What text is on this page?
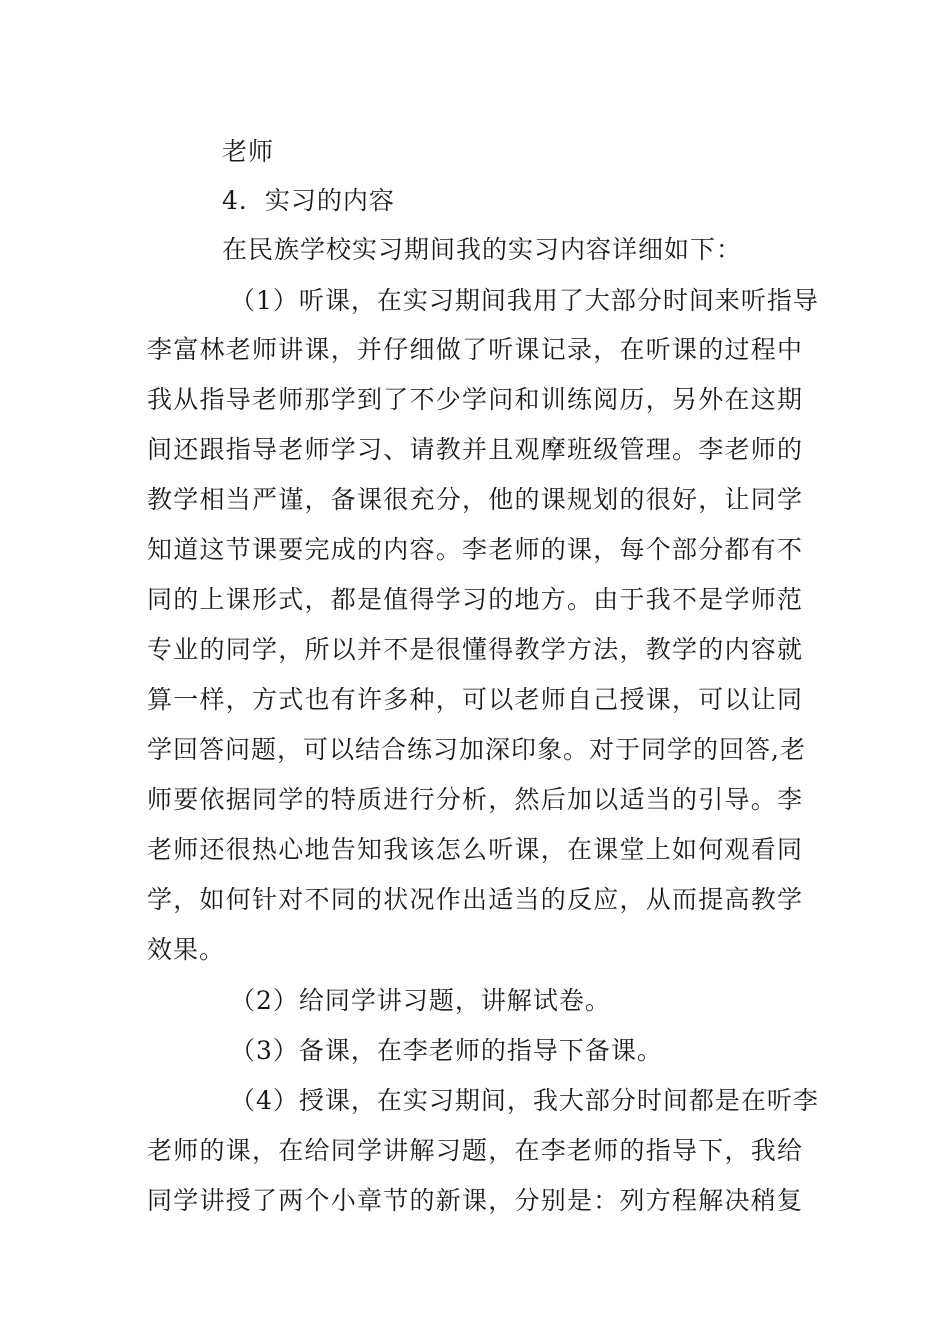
老师
4．实习的内容
在民族学校实习期间我的实习内容详细如下：
（1）听课，在实习期间我用了大部分时间来听指导
李富林老师讲课，并仔细做了听课记录，在听课的过程中
我从指导老师那学到了不少学问和训练阅历，另外在这期
间还跟指导老师学习、请教并且观摩班级管理。李老师的
教学相当严谨，备课很充分，他的课规划的很好，让同学
知道这节课要完成的内容。李老师的课，每个部分都有不
同的上课形式，都是值得学习的地方。由于我不是学师范
专业的同学，所以并不是很懂得教学方法，教学的内容就
算一样，方式也有许多种，可以老师自己授课，可以让同
学回答问题，可以结合练习加深印象。对于同学的回答,老
师要依据同学的特质进行分析，然后加以适当的引导。李
老师还很热心地告知我该怎么听课，在课堂上如何观看同
学，如何针对不同的状况作出适当的反应，从而提高教学
效果。
（2）给同学讲习题，讲解试卷。
（3）备课，在李老师的指导下备课。
（4）授课，在实习期间，我大部分时间都是在听李
老师的课，在给同学讲解习题，在李老师的指导下，我给
同学讲授了两个小章节的新课，分别是：列方程解决稍复
